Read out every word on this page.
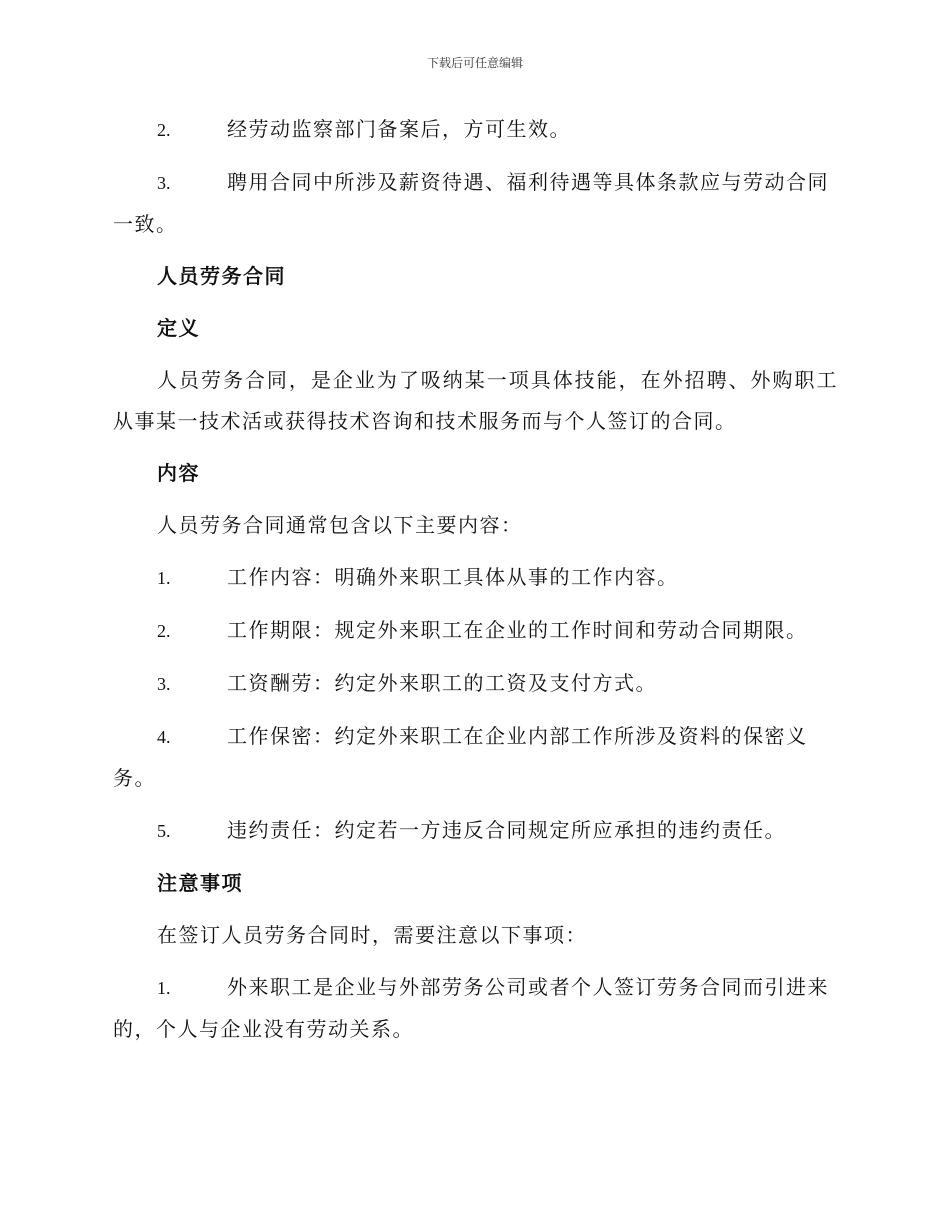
下载后可任意编辑

2.	经劳动监察部门备案后，方可生效。

3.	聘用合同中所涉及薪资待遇、福利待遇等具体条款应与劳动合同一致。

人员劳务合同
定义

人员劳务合同，是企业为了吸纳某一项具体技能，在外招聘、外购职工从事某一技术活或获得技术咨询和技术服务而与个人签订的合同。

内容

人员劳务合同通常包含以下主要内容：

1.	工作内容：明确外来职工具体从事的工作内容。

2.	工作期限：规定外来职工在企业的工作时间和劳动合同期限。

3.	工资酬劳：约定外来职工的工资及支付方式。

4.	工作保密：约定外来职工在企业内部工作所涉及资料的保密义务。

5.	违约责任：约定若一方违反合同规定所应承担的违约责任。

注意事项

在签订人员劳务合同时，需要注意以下事项：

1.	外来职工是企业与外部劳务公司或者个人签订劳务合同而引进来的，个人与企业没有劳动关系。
